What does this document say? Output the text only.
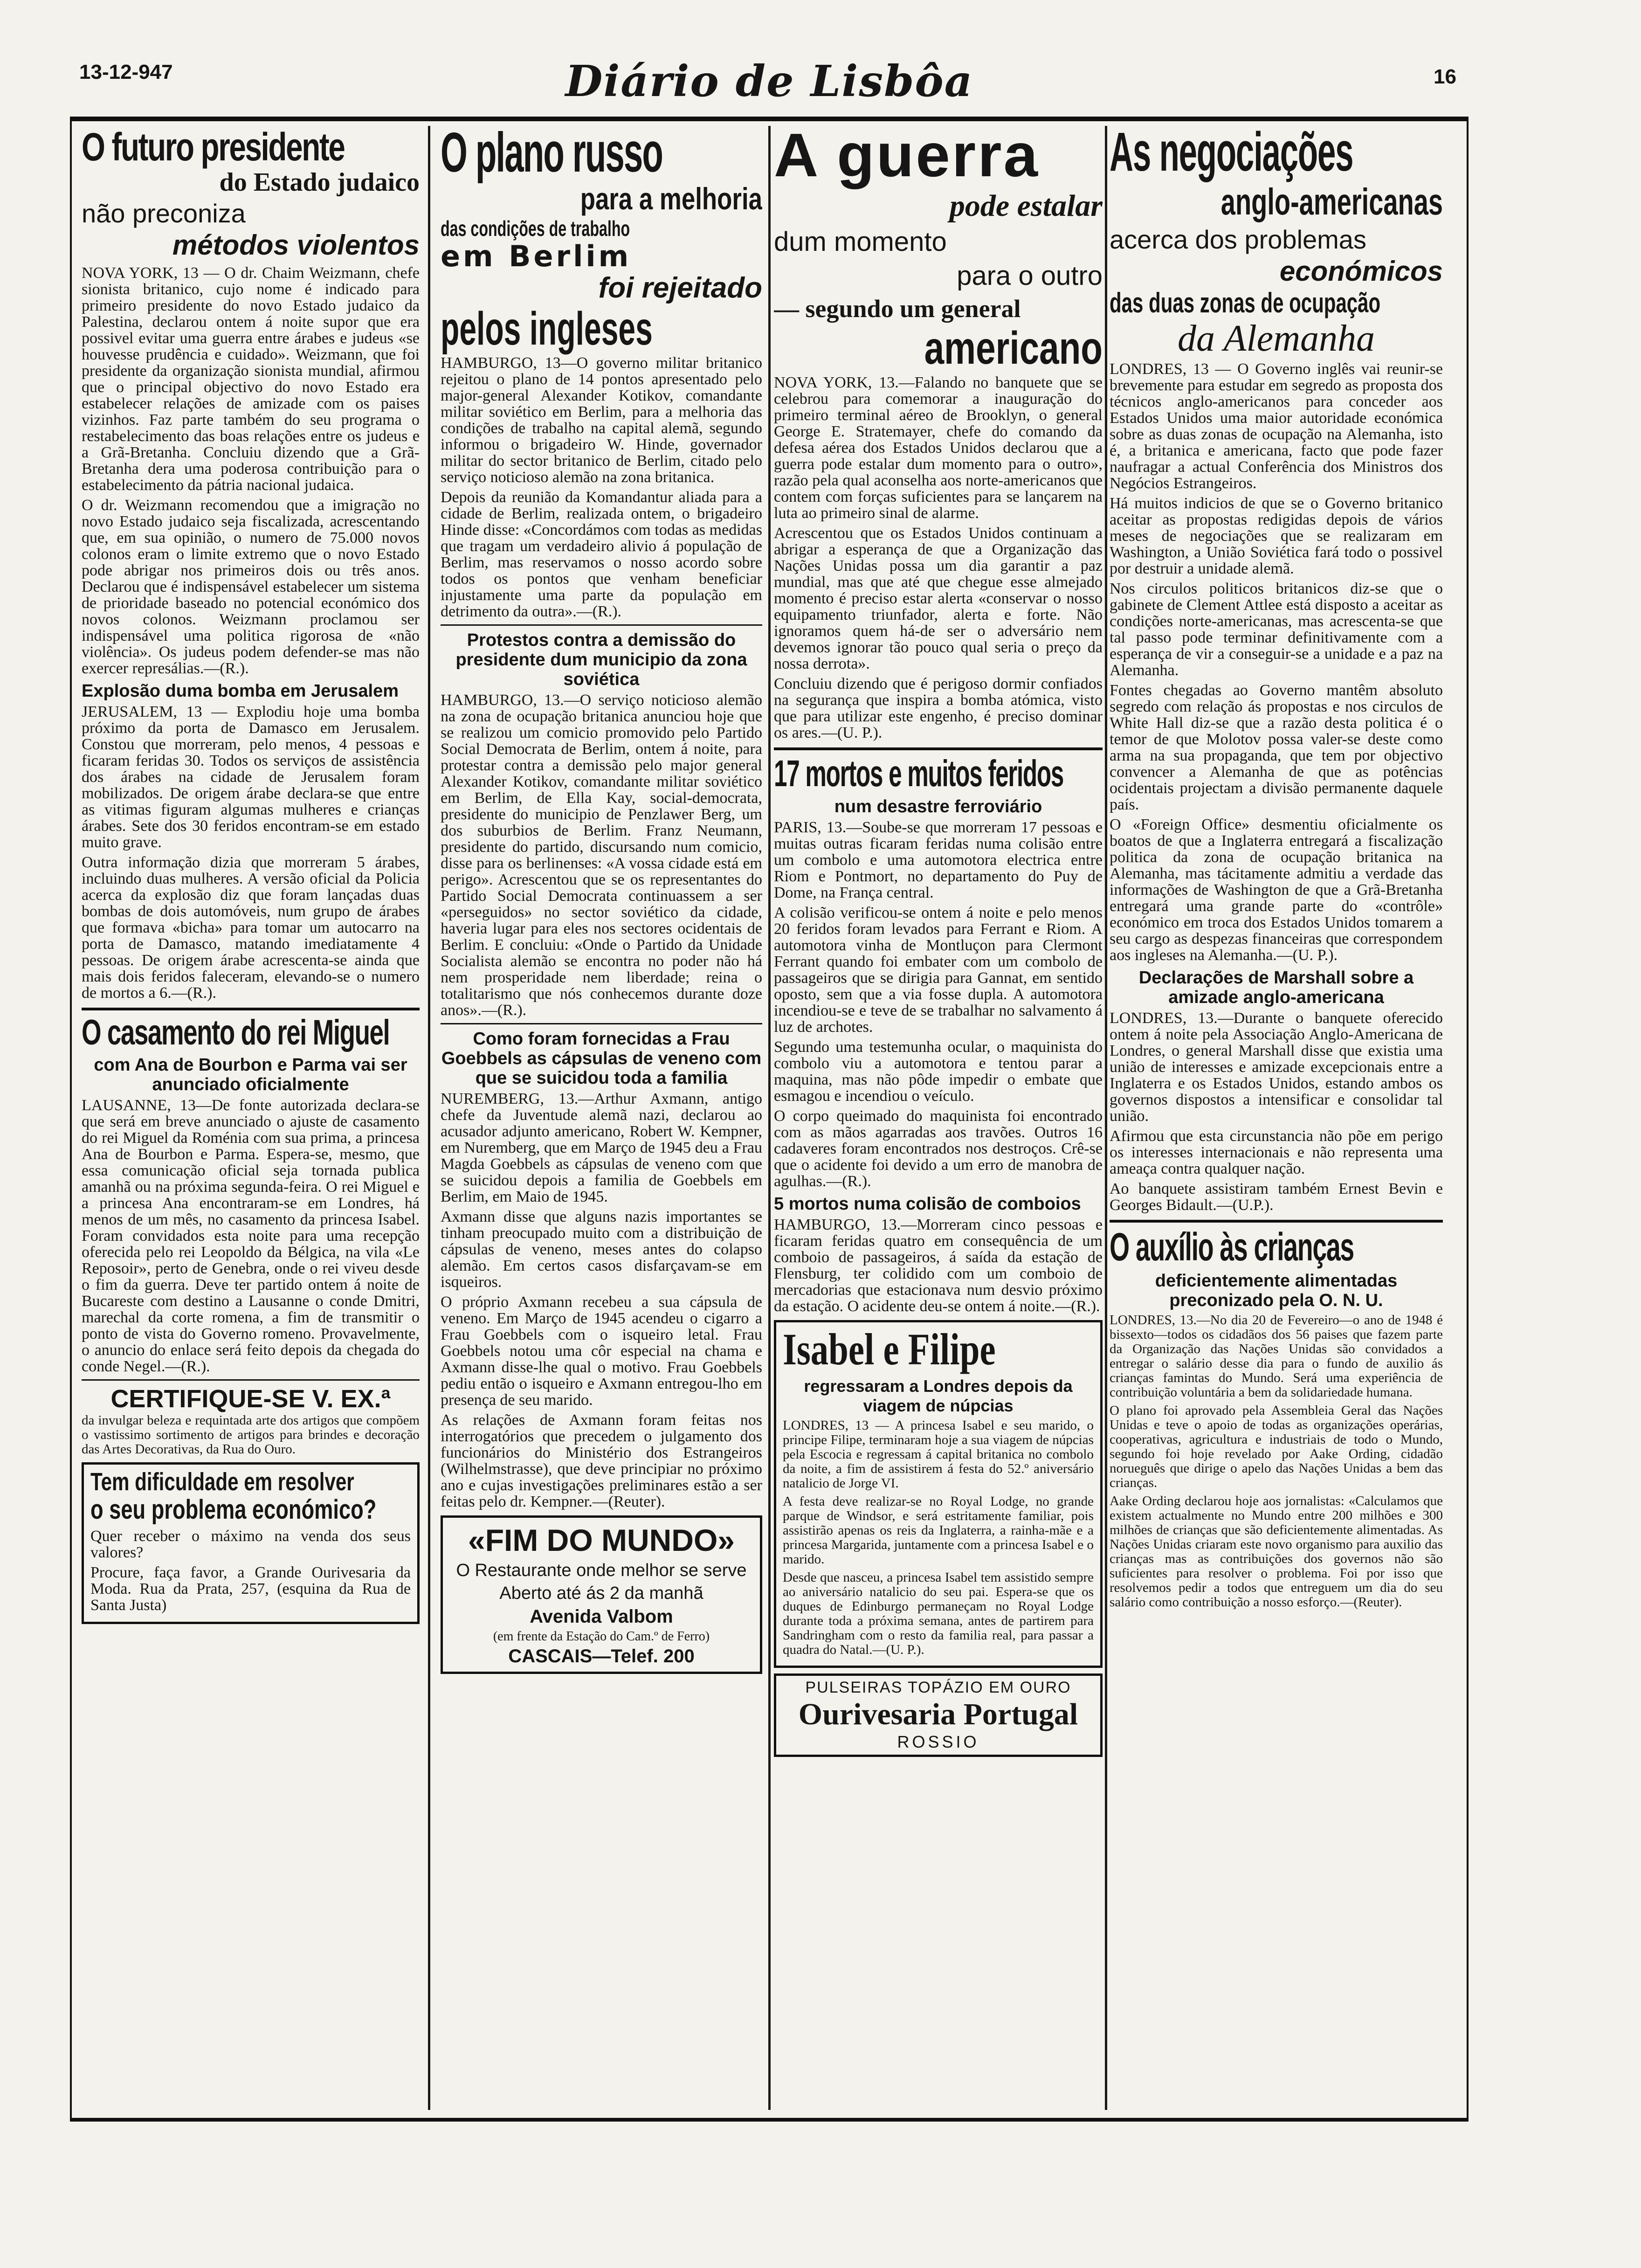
13-12-947	Diário de Lisbôa	16
O futuro presidente
do Estado judaico
não preconiza
métodos violentos

NOVA YORK, 13 — O dr. Chaim Weizmann, chefe sionista britanico, cujo nome é indicado para primeiro presidente do novo Estado judaico da Palestina, declarou ontem á noite supor que era possivel evitar uma guerra entre árabes e judeus «se houvesse prudência e cuidado». Weizmann, que foi presidente da organização sionista mundial, afirmou que o principal objectivo do novo Estado era estabelecer relações de amizade com os paises vizinhos. Faz parte também do seu programa o restabelecimento das boas relações entre os judeus e a Grã-Bretanha. Concluiu dizendo que a Grã-Bretanha dera uma poderosa contribuição para o estabelecimento da pátria nacional judaica.

O dr. Weizmann recomendou que a imigração no novo Estado judaico seja fiscalizada, acrescentando que, em sua opinião, o numero de 75.000 novos colonos eram o limite extremo que o novo Estado pode abrigar nos primeiros dois ou três anos. Declarou que é indispensável estabelecer um sistema de prioridade baseado no potencial económico dos novos colonos. Weizmann proclamou ser indispensável uma politica rigorosa de «não violência». Os judeus podem defender-se mas não exercer represálias.—(R.).

Explosão duma bomba em Jerusalem

JERUSALEM, 13 — Explodiu hoje uma bomba próximo da porta de Damasco em Jerusalem. Constou que morreram, pelo menos, 4 pessoas e ficaram feridas 30. Todos os serviços de assistência dos árabes na cidade de Jerusalem foram mobilizados. De origem árabe declara-se que entre as vitimas figuram algumas mulheres e crianças árabes. Sete dos 30 feridos encontram-se em estado muito grave.

Outra informação dizia que morreram 5 árabes, incluindo duas mulheres. A versão oficial da Policia acerca da explosão diz que foram lançadas duas bombas de dois automóveis, num grupo de árabes que formava «bicha» para tomar um autocarro na porta de Damasco, matando imediatamente 4 pessoas. De origem árabe acrescenta-se ainda que mais dois feridos faleceram, elevando-se o numero de mortos a 6.—(R.).

O casamento do rei Miguel
com Ana de Bourbon e Parma vai ser anunciado oficialmente

LAUSANNE, 13—De fonte autorizada declara-se que será em breve anunciado o ajuste de casamento do rei Miguel da Roménia com sua prima, a princesa Ana de Bourbon e Parma. Espera-se, mesmo, que essa comunicação oficial seja tornada publica amanhã ou na próxima segunda-feira. O rei Miguel e a princesa Ana encontraram-se em Londres, há menos de um mês, no casamento da princesa Isabel. Foram convidados esta noite para uma recepção oferecida pelo rei Leopoldo da Bélgica, na vila «Le Reposoir», perto de Genebra, onde o rei viveu desde o fim da guerra. Deve ter partido ontem á noite de Bucareste com destino a Lausanne o conde Dmitri, marechal da corte romena, a fim de transmitir o ponto de vista do Governo romeno. Provavelmente, o anuncio do enlace será feito depois da chegada do conde Negel.—(R.).

CERTIFIQUE-SE V. EX.ª

da invulgar beleza e requintada arte dos artigos que compõem o vastissimo sortimento de artigos para brindes e decoração das Artes Decorativas, da Rua do Ouro.

Tem dificuldade em resolver
o seu problema económico?

Quer receber o máximo na venda dos seus valores?

Procure, faça favor, a Grande Ourivesaria da Moda. Rua da Prata, 257, (esquina da Rua de Santa Justa)

O plano russo
para a melhoria
das condições de trabalho
em Berlim
foi rejeitado
pelos ingleses

HAMBURGO, 13—O governo militar britanico rejeitou o plano de 14 pontos apresentado pelo major-general Alexander Kotikov, comandante militar soviético em Berlim, para a melhoria das condições de trabalho na capital alemã, segundo informou o brigadeiro W. Hinde, governador militar do sector britanico de Berlim, citado pelo serviço noticioso alemão na zona britanica.

Depois da reunião da Komandantur aliada para a cidade de Berlim, realizada ontem, o brigadeiro Hinde disse: «Concordámos com todas as medidas que tragam um verdadeiro alivio á população de Berlim, mas reservamos o nosso acordo sobre todos os pontos que venham beneficiar injustamente uma parte da população em detrimento da outra».—(R.).

Protestos contra a demissão do presidente dum municipio da zona soviética

HAMBURGO, 13.—O serviço noticioso alemão na zona de ocupação britanica anunciou hoje que se realizou um comicio promovido pelo Partido Social Democrata de Berlim, ontem á noite, para protestar contra a demissão pelo major general Alexander Kotikov, comandante militar soviético em Berlim, de Ella Kay, social-democrata, presidente do municipio de Penzlawer Berg, um dos suburbios de Berlim. Franz Neumann, presidente do partido, discursando num comicio, disse para os berlinenses: «A vossa cidade está em perigo». Acrescentou que se os representantes do Partido Social Democrata continuassem a ser «perseguidos» no sector soviético da cidade, haveria lugar para eles nos sectores ocidentais de Berlim. E concluiu: «Onde o Partido da Unidade Socialista alemão se encontra no poder não há nem prosperidade nem liberdade; reina o totalitarismo que nós conhecemos durante doze anos».—(R.).

Como foram fornecidas a Frau Goebbels as cápsulas de veneno com que se suicidou toda a familia

NUREMBERG, 13.—Arthur Axmann, antigo chefe da Juventude alemã nazi, declarou ao acusador adjunto americano, Robert W. Kempner, em Nuremberg, que em Março de 1945 deu a Frau Magda Goebbels as cápsulas de veneno com que se suicidou depois a familia de Goebbels em Berlim, em Maio de 1945.

Axmann disse que alguns nazis importantes se tinham preocupado muito com a distribuição de cápsulas de veneno, meses antes do colapso alemão. Em certos casos disfarçavam-se em isqueiros.

O próprio Axmann recebeu a sua cápsula de veneno. Em Março de 1945 acendeu o cigarro a Frau Goebbels com o isqueiro letal. Frau Goebbels notou uma côr especial na chama e Axmann disse-lhe qual o motivo. Frau Goebbels pediu então o isqueiro e Axmann entregou-lho em presença de seu marido.

As relações de Axmann foram feitas nos interrogatórios que precedem o julgamento dos funcionários do Ministério dos Estrangeiros (Wilhelmstrasse), que deve principiar no próximo ano e cujas investigações preliminares estão a ser feitas pelo dr. Kempner.—(Reuter).

«FIM DO MUNDO»
O Restaurante onde melhor se serve
Aberto até ás 2 da manhã
Avenida Valbom
(em frente da Estação do Cam.º de Ferro)
CASCAIS—Telef. 200
A guerra
pode estalar
dum momento
para o outro
— segundo um general
americano

NOVA YORK, 13.—Falando no banquete que se celebrou para comemorar a inauguração do primeiro terminal aéreo de Brooklyn, o general George E. Stratemayer, chefe do comando da defesa aérea dos Estados Unidos declarou que a guerra pode estalar dum momento para o outro», razão pela qual aconselha aos norte-americanos que contem com forças suficientes para se lançarem na luta ao primeiro sinal de alarme.

Acrescentou que os Estados Unidos continuam a abrigar a esperança de que a Organização das Nações Unidas possa um dia garantir a paz mundial, mas que até que chegue esse almejado momento é preciso estar alerta «conservar o nosso equipamento triunfador, alerta e forte. Não ignoramos quem há-de ser o adversário nem devemos ignorar tão pouco qual seria o preço da nossa derrota».

Concluiu dizendo que é perigoso dormir confiados na segurança que inspira a bomba atómica, visto que para utilizar este engenho, é preciso dominar os ares.—(U. P.).

17 mortos e muitos feridos
num desastre ferroviário

PARIS, 13.—Soube-se que morreram 17 pessoas e muitas outras ficaram feridas numa colisão entre um combolo e uma automotora electrica entre Riom e Pontmort, no departamento do Puy de Dome, na França central.

A colisão verificou-se ontem á noite e pelo menos 20 feridos foram levados para Ferrant e Riom. A automotora vinha de Montluçon para Clermont Ferrant quando foi embater com um combolo de passageiros que se dirigia para Gannat, em sentido oposto, sem que a via fosse dupla. A automotora incendiou-se e teve de se trabalhar no salvamento á luz de archotes.

Segundo uma testemunha ocular, o maquinista do combolo viu a automotora e tentou parar a maquina, mas não pôde impedir o embate que esmagou e incendiou o veículo.

O corpo queimado do maquinista foi encontrado com as mãos agarradas aos travões. Outros 16 cadaveres foram encontrados nos destroços. Crê-se que o acidente foi devido a um erro de manobra de agulhas.—(R.).

5 mortos numa colisão de comboios

HAMBURGO, 13.—Morreram cinco pessoas e ficaram feridas quatro em consequência de um comboio de passageiros, á saída da estação de Flensburg, ter colidido com um comboio de mercadorias que estacionava num desvio próximo da estação. O acidente deu-se ontem á noite.—(R.).

Isabel e Filipe
regressaram a Londres depois da viagem de núpcias

LONDRES, 13 — A princesa Isabel e seu marido, o principe Filipe, terminaram hoje a sua viagem de núpcias pela Escocia e regressam á capital britanica no combolo da noite, a fim de assistirem á festa do 52.º aniversário natalicio de Jorge VI.

A festa deve realizar-se no Royal Lodge, no grande parque de Windsor, e será estritamente familiar, pois assistirão apenas os reis da Inglaterra, a rainha-mãe e a princesa Margarida, juntamente com a princesa Isabel e o marido.

Desde que nasceu, a princesa Isabel tem assistido sempre ao aniversário natalicio do seu pai. Espera-se que os duques de Edinburgo permaneçam no Royal Lodge durante toda a próxima semana, antes de partirem para Sandringham com o resto da familia real, para passar a quadra do Natal.—(U. P.).

PULSEIRAS TOPÁZIO EM OURO
Ourivesaria Portugal
ROSSIO
As negociações
anglo-americanas
acerca dos problemas
económicos
das duas zonas de ocupação
da Alemanha

LONDRES, 13 — O Governo inglês vai reunir-se brevemente para estudar em segredo as proposta dos técnicos anglo-americanos para conceder aos Estados Unidos uma maior autoridade económica sobre as duas zonas de ocupação na Alemanha, isto é, a britanica e americana, facto que pode fazer naufragar a actual Conferência dos Ministros dos Negócios Estrangeiros.

Há muitos indicios de que se o Governo britanico aceitar as propostas redigidas depois de vários meses de negociações que se realizaram em Washington, a União Soviética fará todo o possivel por destruir a unidade alemã.

Nos circulos politicos britanicos diz-se que o gabinete de Clement Attlee está disposto a aceitar as condições norte-americanas, mas acrescenta-se que tal passo pode terminar definitivamente com a esperança de vir a conseguir-se a unidade e a paz na Alemanha.

Fontes chegadas ao Governo mantêm absoluto segredo com relação ás propostas e nos circulos de White Hall diz-se que a razão desta politica é o temor de que Molotov possa valer-se deste como arma na sua propaganda, que tem por objectivo convencer a Alemanha de que as potências ocidentais projectam a divisão permanente daquele país.

O «Foreign Office» desmentiu oficialmente os boatos de que a Inglaterra entregará a fiscalização politica da zona de ocupação britanica na Alemanha, mas tácitamente admitiu a verdade das informações de Washington de que a Grã-Bretanha entregará uma grande parte do «contrôle» económico em troca dos Estados Unidos tomarem a seu cargo as despezas financeiras que correspondem aos ingleses na Alemanha.—(U. P.).

Declarações de Marshall sobre a amizade anglo-americana

LONDRES, 13.—Durante o banquete oferecido ontem á noite pela Associação Anglo-Americana de Londres, o general Marshall disse que existia uma união de interesses e amizade excepcionais entre a Inglaterra e os Estados Unidos, estando ambos os governos dispostos a intensificar e consolidar tal união.

Afirmou que esta circunstancia não põe em perigo os interesses internacionais e não representa uma ameaça contra qualquer nação.

Ao banquete assistiram também Ernest Bevin e Georges Bidault.—(U.P.).

O auxílio às crianças
deficientemente alimentadas preconizado pela O. N. U.

LONDRES, 13.—No dia 20 de Fevereiro—o ano de 1948 é bissexto—todos os cidadãos dos 56 paises que fazem parte da Organização das Nações Unidas são convidados a entregar o salário desse dia para o fundo de auxilio ás crianças famintas do Mundo. Será uma experiência de contribuição voluntária a bem da solidariedade humana.

O plano foi aprovado pela Assembleia Geral das Nações Unidas e teve o apoio de todas as organizações operárias, cooperativas, agricultura e industriais de todo o Mundo, segundo foi hoje revelado por Aake Ording, cidadão norueguês que dirige o apelo das Nações Unidas a bem das crianças.

Aake Ording declarou hoje aos jornalistas: «Calculamos que existem actualmente no Mundo entre 200 milhões e 300 milhões de crianças que são deficientemente alimentadas. As Nações Unidas criaram este novo organismo para auxilio das crianças mas as contribuições dos governos não são suficientes para resolver o problema. Foi por isso que resolvemos pedir a todos que entreguem um dia do seu salário como contribuição a nosso esforço.—(Reuter).
